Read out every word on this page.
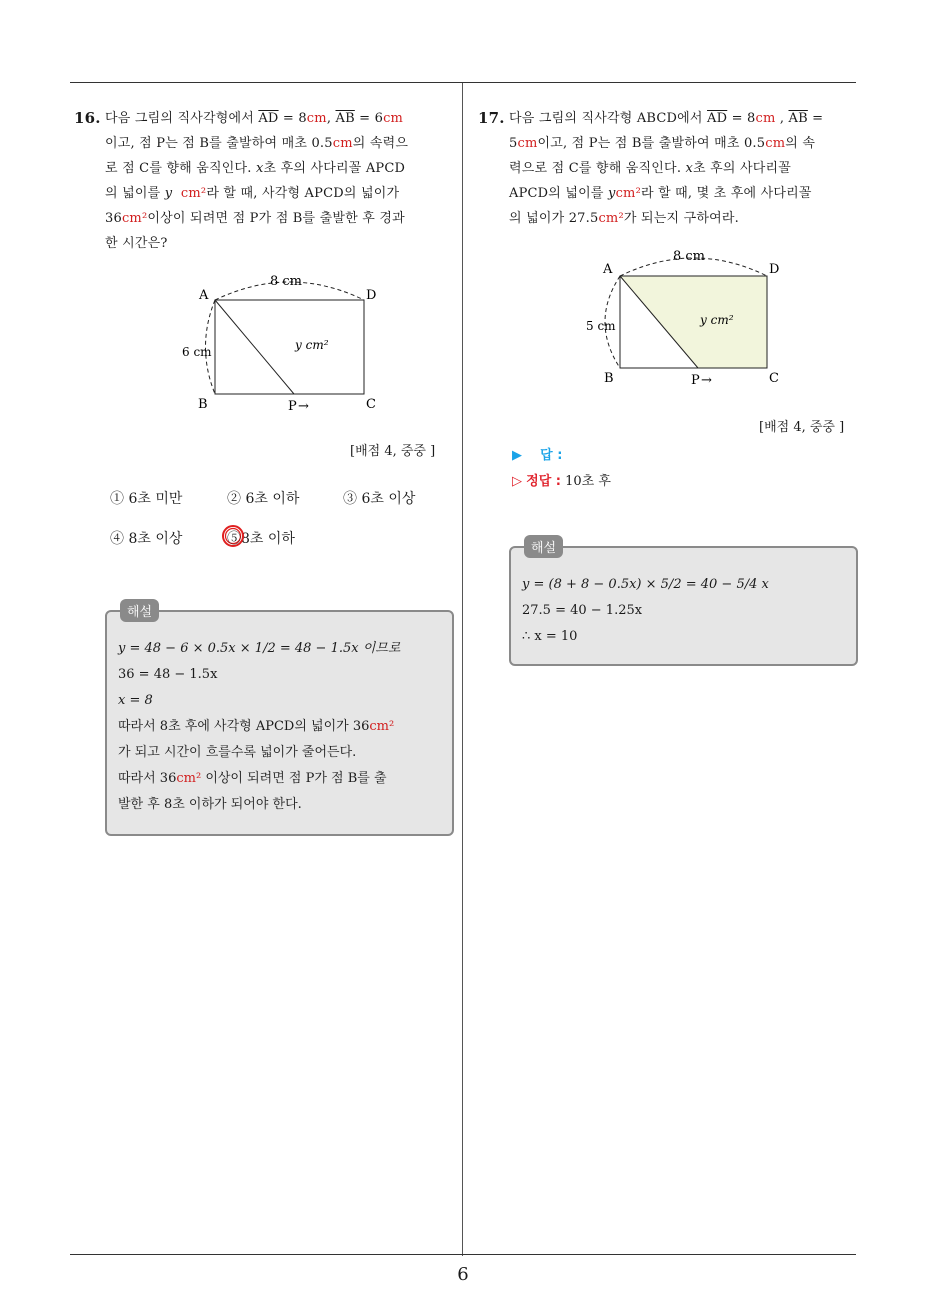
6
16. 다음 그림의 직사각형에서 $\overline{AD} = 8cm$, $\overline{AB} = 6cm$
이고, 점 P는 점 B를 출발하여 매초 0.5cm의 속력으
로 점 C를 향해 움직인다. x초 후의 사다리꼴 APCD
의 넓이를 y cm²라 할 때, 사각형 APCD의 넓이가
36cm²이상이 되려면 점 P가 점 B를 출발한 후 경과
한 시간은?
A	D
B	C
P →
8 cm
6 cm	y cm²
[배점 4, 중중 ]
① 6초 미만	② 6초 이하	③ 6초 이상
④ 8초 이상	⑤8초 이하
해설
y = 48 − 6 × 0.5x × 1/2 = 48 − 1.5x 이므로
36 = 48 − 1.5x
x = 8
따라서 8초 후에 사각형 APCD의 넓이가 36cm²
가 되고 시간이 흐를수록 넓이가 줄어든다.
따라서 36cm² 이상이 되려면 점 P가 점 B를 출
발한 후 8초 이하가 되어야 한다.
17. 다음 그림의 직사각형 ABCD에서 $\overline{AD} = 8cm$ , $\overline{AB}$ =
5cm이고, 점 P는 점 B를 출발하여 매초 0.5cm의 속
력으로 점 C를 향해 움직인다. x초 후의 사다리꼴
APCD의 넓이를 ycm²라 할 때, 몇 초 후에 사다리꼴
의 넓이가 27.5cm²가 되는지 구하여라.
A	D
B	C
P →
8 cm
5 cm	y cm²
[배점 4, 중중 ]
▶ 답 :
▷ 정답 : 10초 후
해설
y = (8 + 8 − 0.5x) × 5/2 = 40 − 5/4 x
27.5 = 40 − 1.25x
∴ x = 10
